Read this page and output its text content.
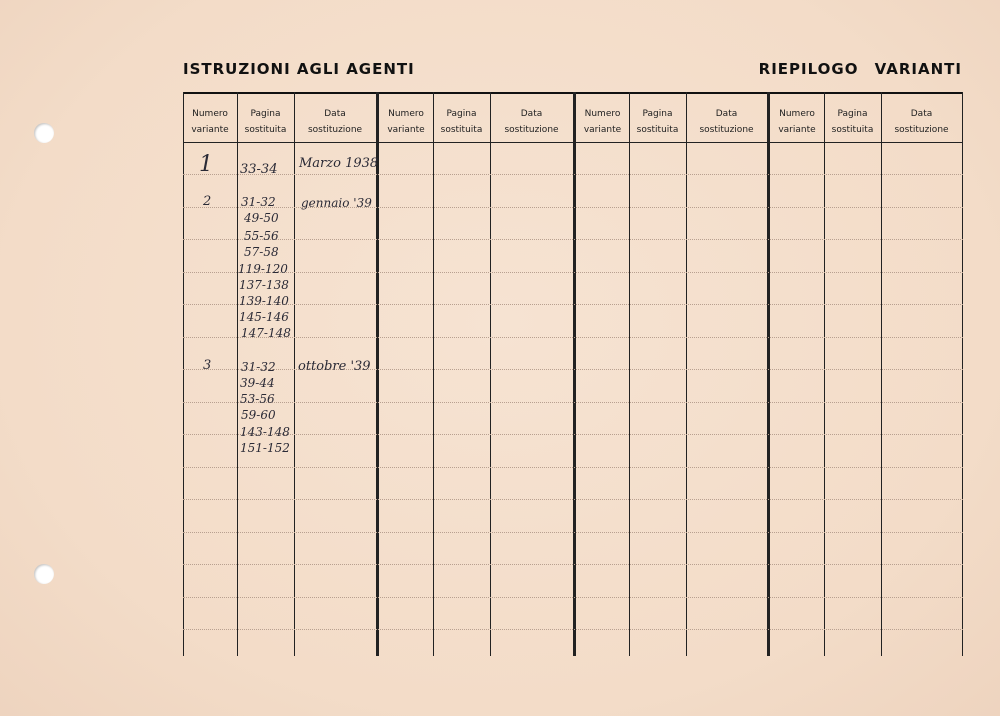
ISTRUZIONI AGLI AGENTI	RIEPILOGO VARIANTI
Numero
variante
Pagina
sostituita
Data
sostituzione
Numero
variante
Pagina
sostituita
Data
sostituzione
Numero
variante
Pagina
sostituita
Data
sostituzione
Numero
variante
Pagina
sostituita
Data
sostituzione
1 33-34 Marzo 1938
2 31-32
49-50
55-56
57-58
119-120
137-138
139-140
145-146
147-148
gennaio '39
3 31-32
39-44
53-56
59-60
143-148
151-152
ottobre '39
